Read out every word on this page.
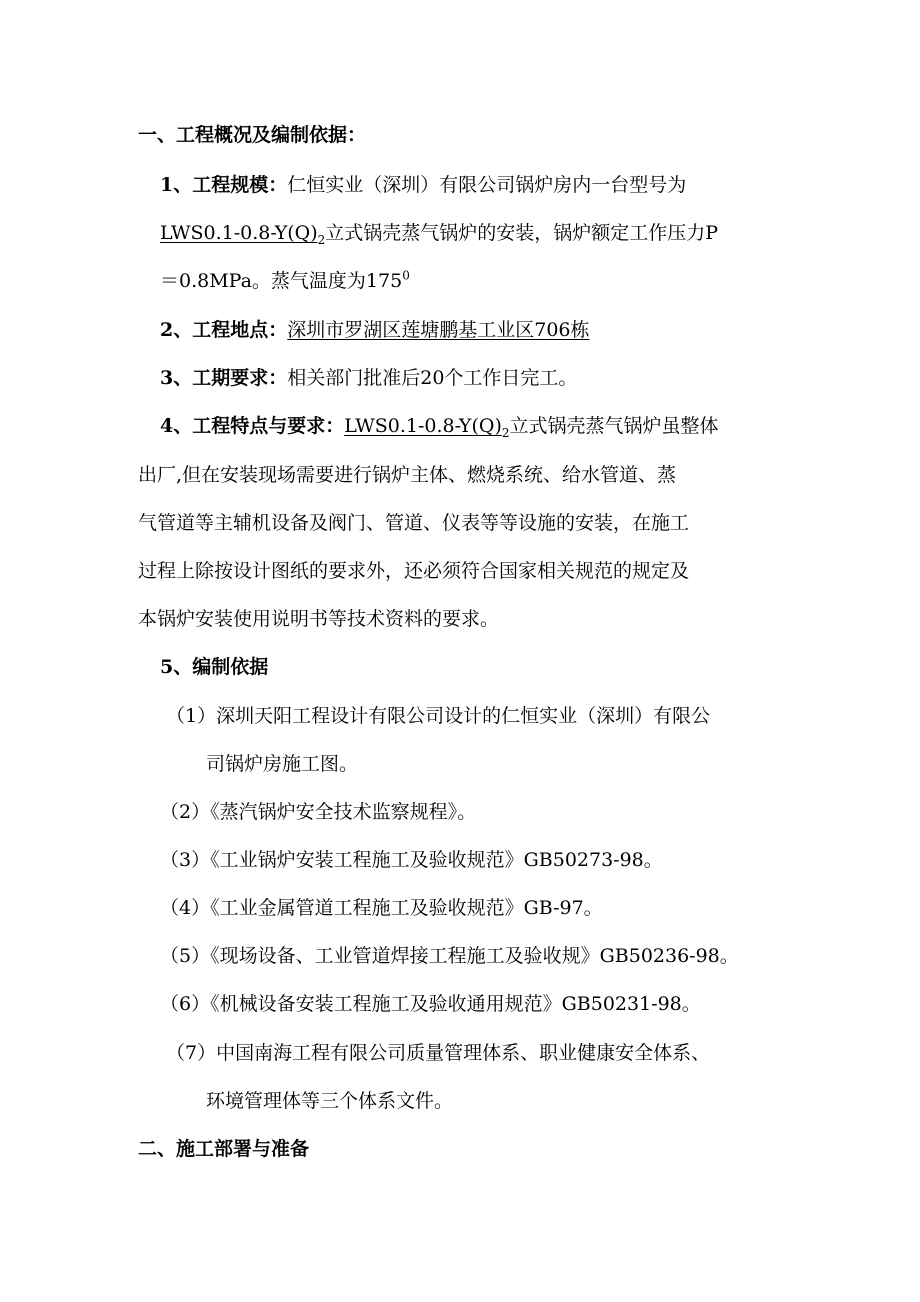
一、工程概况及编制依据：
1、工程规模：仁恒实业（深圳）有限公司锅炉房内一台型号为
$LWS0.1-0.8-Y(Q)_2$立式锅壳蒸气锅炉的安装，锅炉额定工作压力P
＝0.8MPa。蒸气温度为$175^0$
2、工程地点：深圳市罗湖区莲塘鹏基工业区706栋
3、工期要求：相关部门批准后20个工作日完工。
4、工程特点与要求：$LWS0.1-0.8-Y(Q)_2$立式锅壳蒸气锅炉虽整体
出厂,但在安装现场需要进行锅炉主体、燃烧系统、给水管道、蒸
气管道等主辅机设备及阀门、管道、仪表等等设施的安装，在施工
过程上除按设计图纸的要求外，还必须符合国家相关规范的规定及
本锅炉安装使用说明书等技术资料的要求。
5、编制依据
（1）深圳天阳工程设计有限公司设计的仁恒实业（深圳）有限公
司锅炉房施工图。
（2）《蒸汽锅炉安全技术监察规程》。
（3）《工业锅炉安装工程施工及验收规范》GB50273-98。
（4）《工业金属管道工程施工及验收规范》GB-97。
（5）《现场设备、工业管道焊接工程施工及验收规》GB50236-98。
（6）《机械设备安装工程施工及验收通用规范》GB50231-98。
（7）中国南海工程有限公司质量管理体系、职业健康安全体系、
环境管理体等三个体系文件。
二、施工部署与准备
